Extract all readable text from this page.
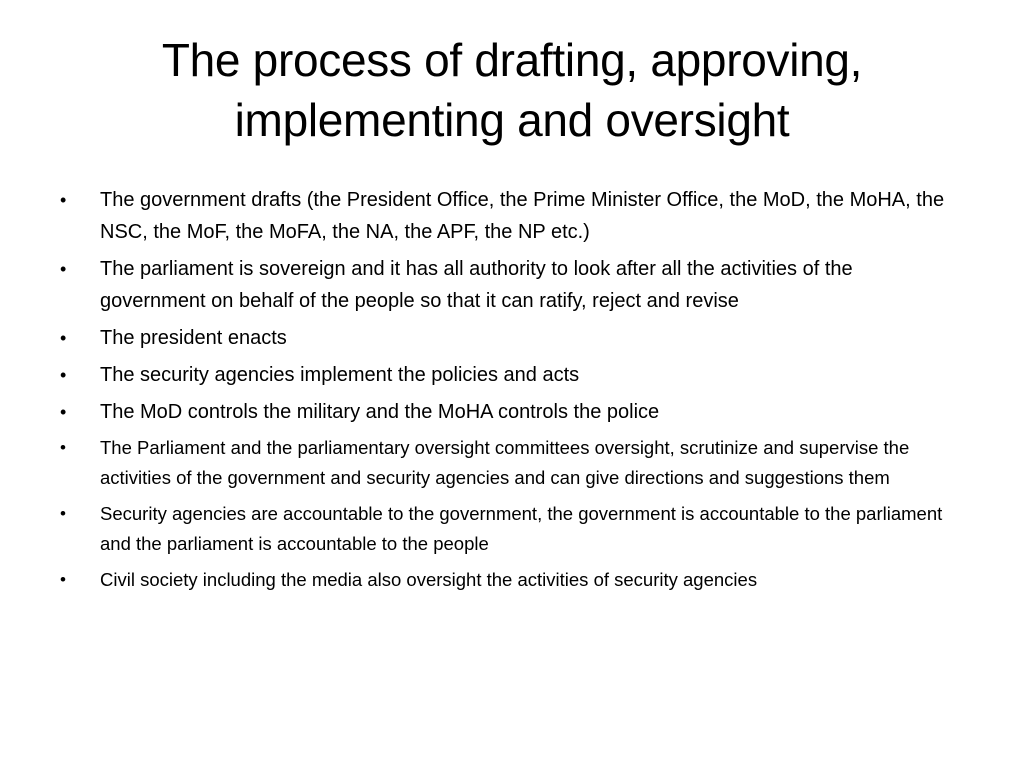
The process of drafting, approving,
implementing and oversight
•	The government drafts (the President Office, the Prime Minister Office, the MoD, the MoHA, the NSC, the MoF, the MoFA, the NA, the APF, the NP etc.)
•	The parliament is sovereign and it has all authority to look after all the activities of the government on behalf of the people so that it can ratify, reject and revise
•	The president enacts
•	The security agencies implement the policies and acts
•	The MoD controls the military and the MoHA controls the police
•	The Parliament and the parliamentary oversight committees oversight, scrutinize and supervise the activities of the government and security agencies and can give directions and suggestions them
•	Security agencies are accountable to the government, the government is accountable to the parliament and the parliament is accountable to the people
•	Civil society including the media also oversight the activities of security agencies
